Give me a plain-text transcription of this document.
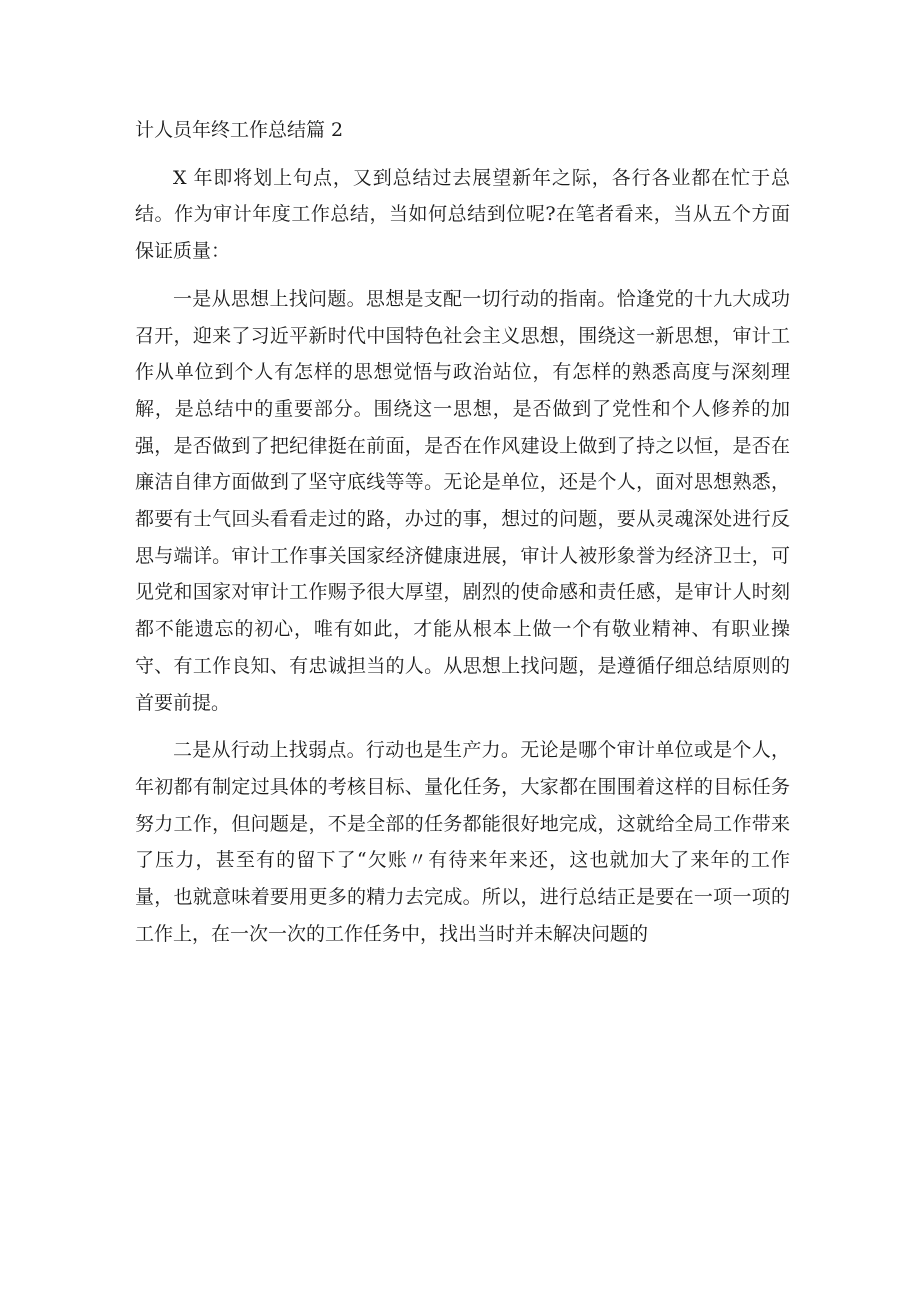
计人员年终工作总结篇 2

X 年即将划上句点，又到总结过去展望新年之际，各行各业都在忙于总结。作为审计年度工作总结，当如何总结到位呢?在笔者看来，当从五个方面保证质量：

一是从思想上找问题。思想是支配一切行动的指南。恰逢党的十九大成功召开，迎来了习近平新时代中国特色社会主义思想，围绕这一新思想，审计工作从单位到个人有怎样的思想觉悟与政治站位，有怎样的熟悉高度与深刻理解，是总结中的重要部分。围绕这一思想，是否做到了党性和个人修养的加强，是否做到了把纪律挺在前面，是否在作风建设上做到了持之以恒，是否在廉洁自律方面做到了坚守底线等等。无论是单位，还是个人，面对思想熟悉，都要有士气回头看看走过的路，办过的事，想过的问题，要从灵魂深处进行反思与端详。审计工作事关国家经济健康进展，审计人被形象誉为经济卫士，可见党和国家对审计工作赐予很大厚望，剧烈的使命感和责任感，是审计人时刻都不能遗忘的初心，唯有如此，才能从根本上做一个有敬业精神、有职业操守、有工作良知、有忠诚担当的人。从思想上找问题，是遵循仔细总结原则的首要前提。

二是从行动上找弱点。行动也是生产力。无论是哪个审计单位或是个人，年初都有制定过具体的考核目标、量化任务，大家都在围围着这样的目标任务努力工作，但问题是，不是全部的任务都能很好地完成，这就给全局工作带来了压力，甚至有的留下了“欠账〃有待来年来还，这也就加大了来年的工作量，也就意味着要用更多的精力去完成。所以，进行总结正是要在一项一项的工作上，在一次一次的工作任务中，找出当时并未解决问题的
